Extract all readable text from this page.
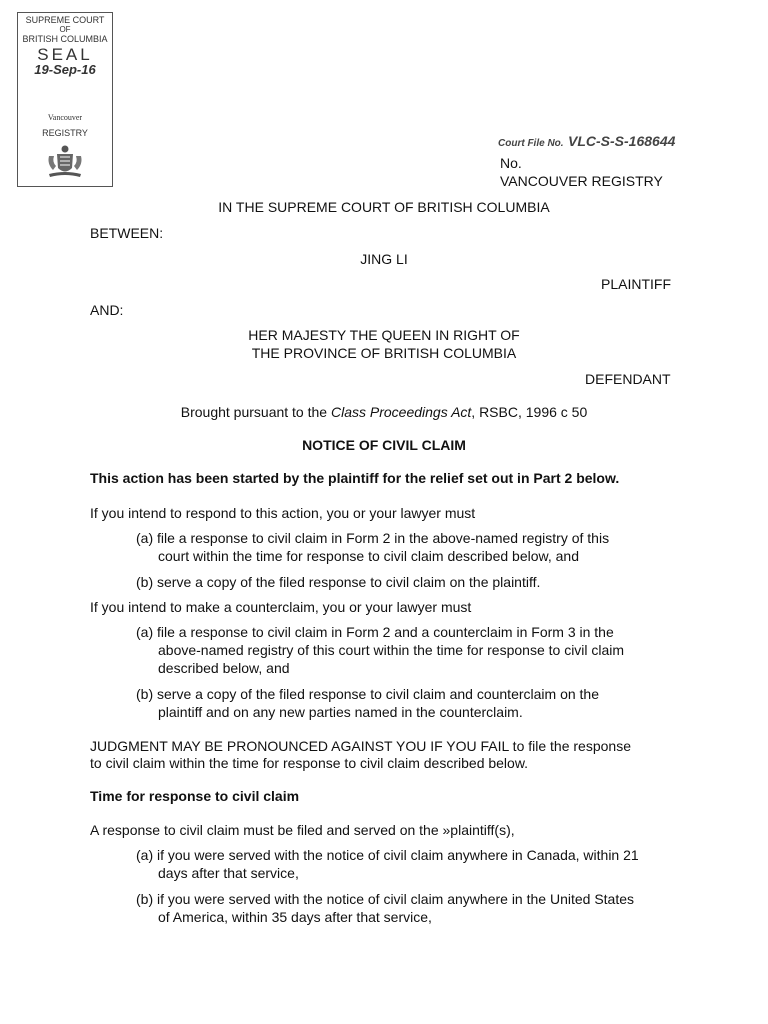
SUPREME COURT
OF
BRITISH COLUMBIA
SEAL
19-Sep-16
Vancouver
REGISTRY
Court File No. VLC-S-S-168644
No.
VANCOUVER REGISTRY
IN THE SUPREME COURT OF BRITISH COLUMBIA
BETWEEN:
JING LI
PLAINTIFF
AND:
HER MAJESTY THE QUEEN IN RIGHT OF
THE PROVINCE OF BRITISH COLUMBIA
DEFENDANT
Brought pursuant to the Class Proceedings Act, RSBC, 1996 c 50
NOTICE OF CIVIL CLAIM
This action has been started by the plaintiff for the relief set out in Part 2 below.
If you intend to respond to this action, you or your lawyer must
(a) file a response to civil claim in Form 2 in the above-named registry of this
court within the time for response to civil claim described below, and
(b) serve a copy of the filed response to civil claim on the plaintiff.
If you intend to make a counterclaim, you or your lawyer must
(a) file a response to civil claim in Form 2 and a counterclaim in Form 3 in the
above-named registry of this court within the time for response to civil claim
described below, and
(b) serve a copy of the filed response to civil claim and counterclaim on the
plaintiff and on any new parties named in the counterclaim.
JUDGMENT MAY BE PRONOUNCED AGAINST YOU IF YOU FAIL to file the response
to civil claim within the time for response to civil claim described below.
Time for response to civil claim
A response to civil claim must be filed and served on the »plaintiff(s),
(a) if you were served with the notice of civil claim anywhere in Canada, within 21
days after that service,
(b) if you were served with the notice of civil claim anywhere in the United States
of America, within 35 days after that service,
